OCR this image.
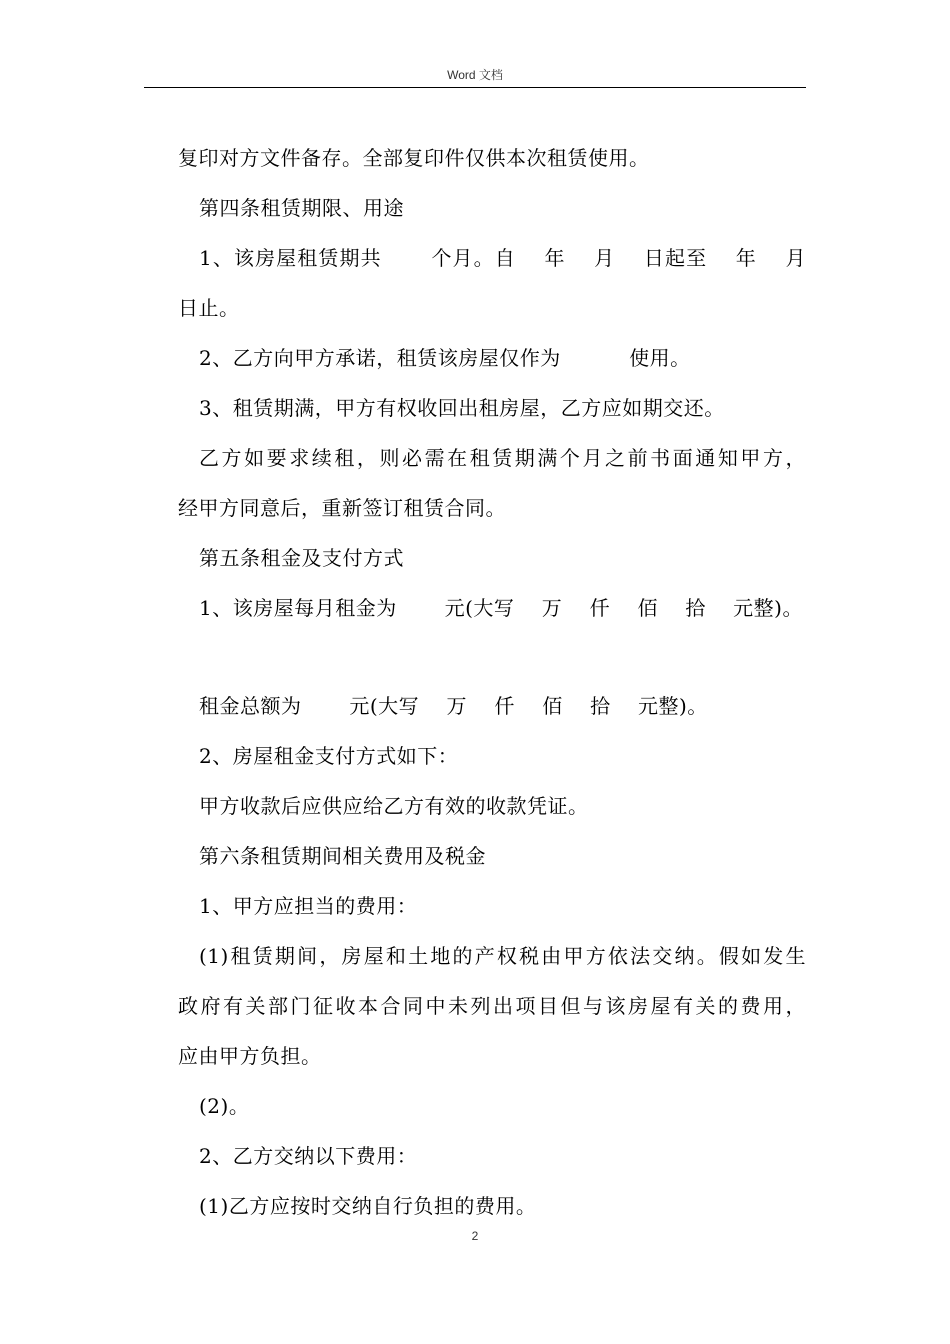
Word 文档
复印对方文件备存。全部复印件仅供本次租赁使用。
第四条租赁期限、用途
1、该房屋租赁期共　　 个月。自　 年　 月　 日起至　 年　 月
日止。
2、乙方向甲方承诺，租赁该房屋仅作为　　　 使用。
3、租赁期满，甲方有权收回出租房屋，乙方应如期交还。
乙方如要求续租，则必需在租赁期满个月之前书面通知甲方，
经甲方同意后，重新签订租赁合同。
第五条租金及支付方式
1、该房屋每月租金为　　 元(大写　 万　 仟　 佰　 拾　 元整)。
租金总额为　　 元(大写　 万　 仟　 佰　 拾　 元整)。
2、房屋租金支付方式如下：
甲方收款后应供应给乙方有效的收款凭证。
第六条租赁期间相关费用及税金
1、甲方应担当的费用：
(1)租赁期间，房屋和土地的产权税由甲方依法交纳。假如发生
政府有关部门征收本合同中未列出项目但与该房屋有关的费用，
应由甲方负担。
(2)。
2、乙方交纳以下费用：
(1)乙方应按时交纳自行负担的费用。
2
